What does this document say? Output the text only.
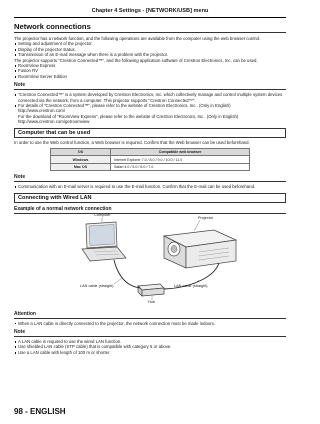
Chapter 4 Settings - [NETWORK/USB] menu
Network connections

The projector has a network function, and the following operations are available from the computer using the web browser control.

Setting and adjustment of the projector.
Display of the projector status.
Transmission of an E-mail message when there is a problem with the projector.

The projector supports "Crestron Connected™", and the following application software of Crestron Electronics, Inc. can be used.

RoomView Express
Fusion RV
RoomView Server Edition
Note
"Crestron Connected™" is a system developed by Crestron Electronics, Inc. which collectively manage and control multiple system devices connected via the network, from a computer. This projector supports "Crestron Connected™".
For details of "Crestron Connected™", please refer to the website of Crestron Electronics, Inc.. (Only in English)
http://www.crestron.com/
For the download of "RoomView Express", please refer to the website of Crestron Electronics, Inc.. (Only in English)
http://www.crestron.com/getroomview
Computer that can be used

In order to use the Web control function, a Web browser is required. Confirm that the Web browser can be used beforehand.

OS	Compatible web browser
Windows	Internet Explorer 7.0 / 8.0 / 9.0 / 10.0 / 11.0
Mac OS	Safari 4.0 / 5.0 / 6.0 / 7.0
Note
Communication with an E-mail server is required to use the E-mail function. Confirm that the E-mail can be used beforehand.
Connecting with Wired LAN
Example of a normal network connection
Computer
Projector
LAN cable (straight)	LAN cable (straight)
Hub
Attention
When a LAN cable is directly connected to the projector, the network connection must be made indoors.
Note
A LAN cable is required to use the wired LAN function.
Use shielded LAN cable (STP cable) that is compatible with category 5 or above.
Use a LAN cable with length of 100 m or shorter.
98 - ENGLISH
